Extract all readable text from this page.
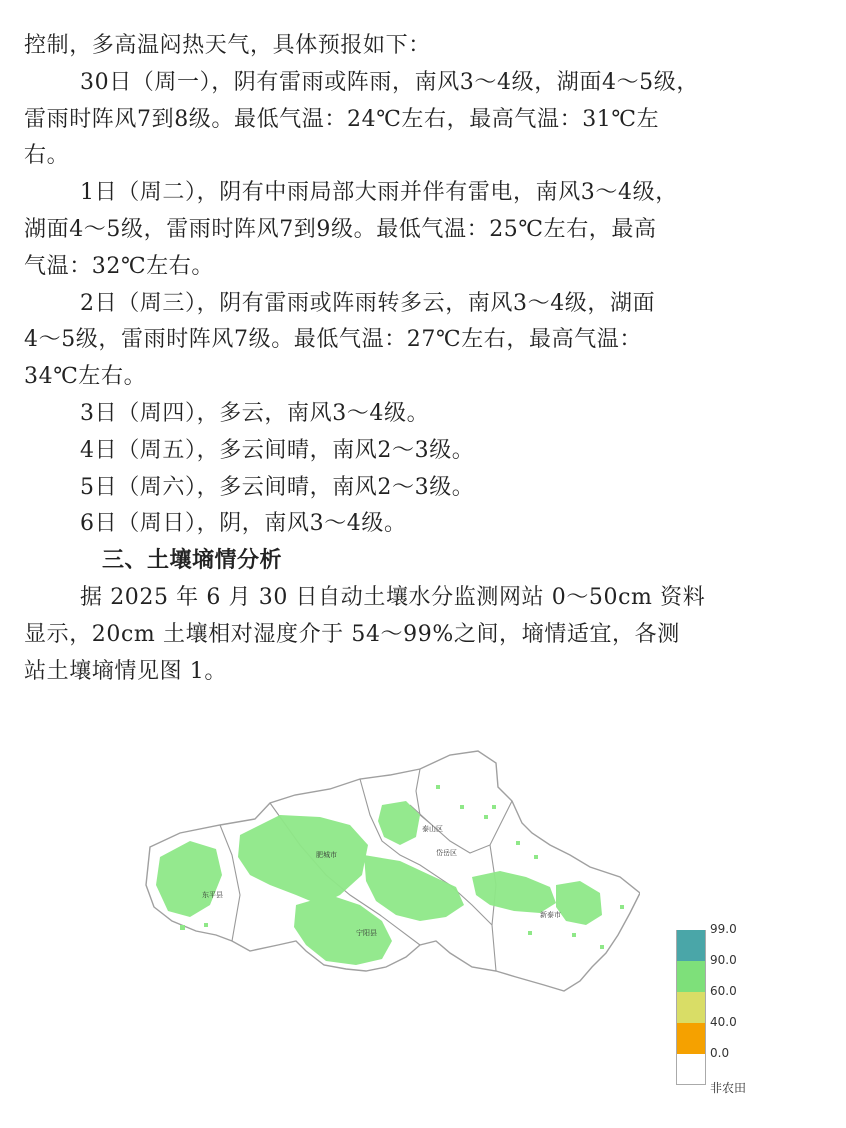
控制，多高温闷热天气，具体预报如下：
30日（周一），阴有雷雨或阵雨，南风3～4级，湖面4～5级，
雷雨时阵风7到8级。最低气温：24℃左右，最高气温：31℃左
右。
1日（周二），阴有中雨局部大雨并伴有雷电，南风3～4级，
湖面4～5级，雷雨时阵风7到9级。最低气温：25℃左右，最高
气温：32℃左右。
2日（周三），阴有雷雨或阵雨转多云，南风3～4级，湖面
4～5级，雷雨时阵风7级。最低气温：27℃左右，最高气温：
34℃左右。
3日（周四），多云，南风3～4级。
4日（周五），多云间晴，南风2～3级。
5日（周六），多云间晴，南风2～3级。
6日（周日），阴，南风3～4级。
三、土壤墒情分析
据 2025 年 6 月 30 日自动土壤水分监测网站 0～50cm 资料
显示，20cm 土壤相对湿度介于 54～99%之间，墒情适宜，各测
站土壤墒情见图 1。
东平县
肥城市
宁阳县
泰山区
岱岳区
新泰市
99.0
90.0
60.0
40.0
0.0
非农田
